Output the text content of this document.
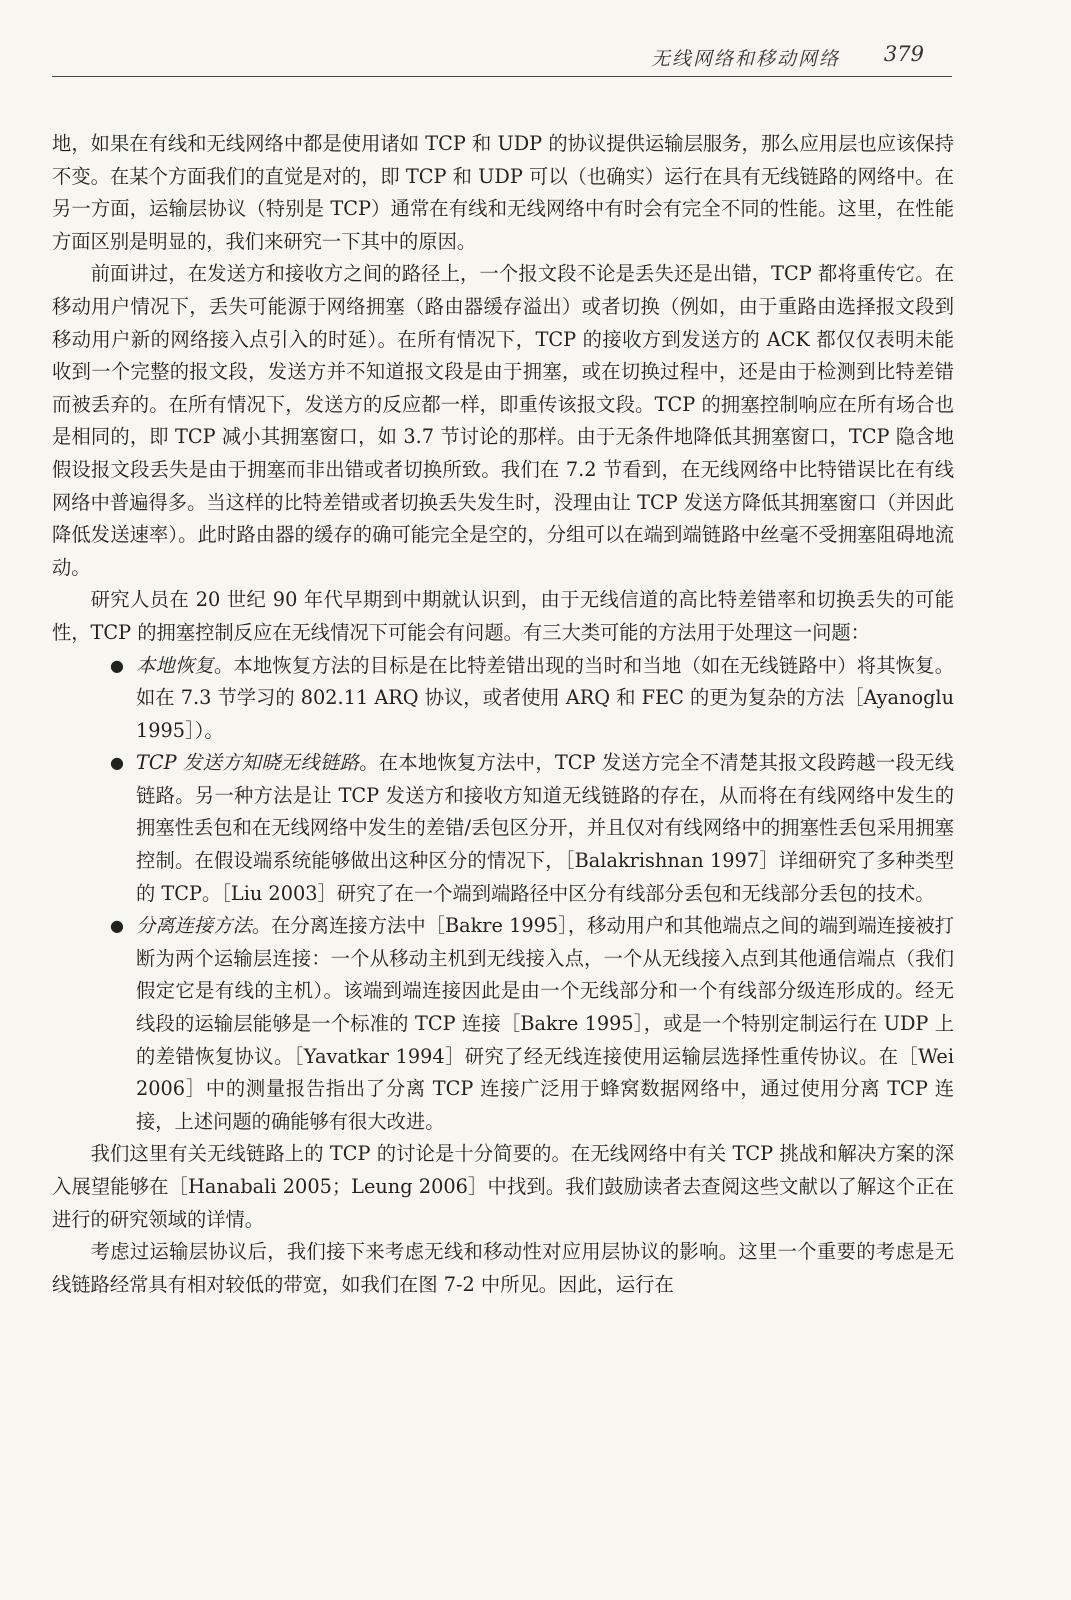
无线网络和移动网络 379

地，如果在有线和无线网络中都是使用诸如 TCP 和 UDP 的协议提供运输层服务，那么应用层也应该保持不变。在某个方面我们的直觉是对的，即 TCP 和 UDP 可以（也确实）运行在具有无线链路的网络中。在另一方面，运输层协议（特别是 TCP）通常在有线和无线网络中有时会有完全不同的性能。这里，在性能方面区别是明显的，我们来研究一下其中的原因。

前面讲过，在发送方和接收方之间的路径上，一个报文段不论是丢失还是出错，TCP 都将重传它。在移动用户情况下，丢失可能源于网络拥塞（路由器缓存溢出）或者切换（例如，由于重路由选择报文段到移动用户新的网络接入点引入的时延）。在所有情况下，TCP 的接收方到发送方的 ACK 都仅仅表明未能收到一个完整的报文段，发送方并不知道报文段是由于拥塞，或在切换过程中，还是由于检测到比特差错而被丢弃的。在所有情况下，发送方的反应都一样，即重传该报文段。TCP 的拥塞控制响应在所有场合也是相同的，即 TCP 减小其拥塞窗口，如 3.7 节讨论的那样。由于无条件地降低其拥塞窗口，TCP 隐含地假设报文段丢失是由于拥塞而非出错或者切换所致。我们在 7.2 节看到，在无线网络中比特错误比在有线网络中普遍得多。当这样的比特差错或者切换丢失发生时，没理由让 TCP 发送方降低其拥塞窗口（并因此降低发送速率）。此时路由器的缓存的确可能完全是空的，分组可以在端到端链路中丝毫不受拥塞阻碍地流动。

研究人员在 20 世纪 90 年代早期到中期就认识到，由于无线信道的高比特差错率和切换丢失的可能性，TCP 的拥塞控制反应在无线情况下可能会有问题。有三大类可能的方法用于处理这一问题：

● 本地恢复。本地恢复方法的目标是在比特差错出现的当时和当地（如在无线链路中）将其恢复。如在 7.3 节学习的 802.11 ARQ 协议，或者使用 ARQ 和 FEC 的更为复杂的方法［Ayanoglu 1995］）。
● TCP 发送方知晓无线链路。在本地恢复方法中，TCP 发送方完全不清楚其报文段跨越一段无线链路。另一种方法是让 TCP 发送方和接收方知道无线链路的存在，从而将在有线网络中发生的拥塞性丢包和在无线网络中发生的差错/丢包区分开，并且仅对有线网络中的拥塞性丢包采用拥塞控制。在假设端系统能够做出这种区分的情况下，［Balakrishnan 1997］详细研究了多种类型的 TCP。［Liu 2003］研究了在一个端到端路径中区分有线部分丢包和无线部分丢包的技术。
● 分离连接方法。在分离连接方法中［Bakre 1995］，移动用户和其他端点之间的端到端连接被打断为两个运输层连接：一个从移动主机到无线接入点，一个从无线接入点到其他通信端点（我们假定它是有线的主机）。该端到端连接因此是由一个无线部分和一个有线部分级连形成的。经无线段的运输层能够是一个标准的 TCP 连接［Bakre 1995］，或是一个特别定制运行在 UDP 上的差错恢复协议。［Yavatkar 1994］研究了经无线连接使用运输层选择性重传协议。在［Wei 2006］中的测量报告指出了分离 TCP 连接广泛用于蜂窝数据网络中，通过使用分离 TCP 连接，上述问题的确能够有很大改进。

我们这里有关无线链路上的 TCP 的讨论是十分简要的。在无线网络中有关 TCP 挑战和解决方案的深入展望能够在［Hanabali 2005；Leung 2006］中找到。我们鼓励读者去查阅这些文献以了解这个正在进行的研究领域的详情。

考虑过运输层协议后，我们接下来考虑无线和移动性对应用层协议的影响。这里一个重要的考虑是无线链路经常具有相对较低的带宽，如我们在图 7-2 中所见。因此，运行在
